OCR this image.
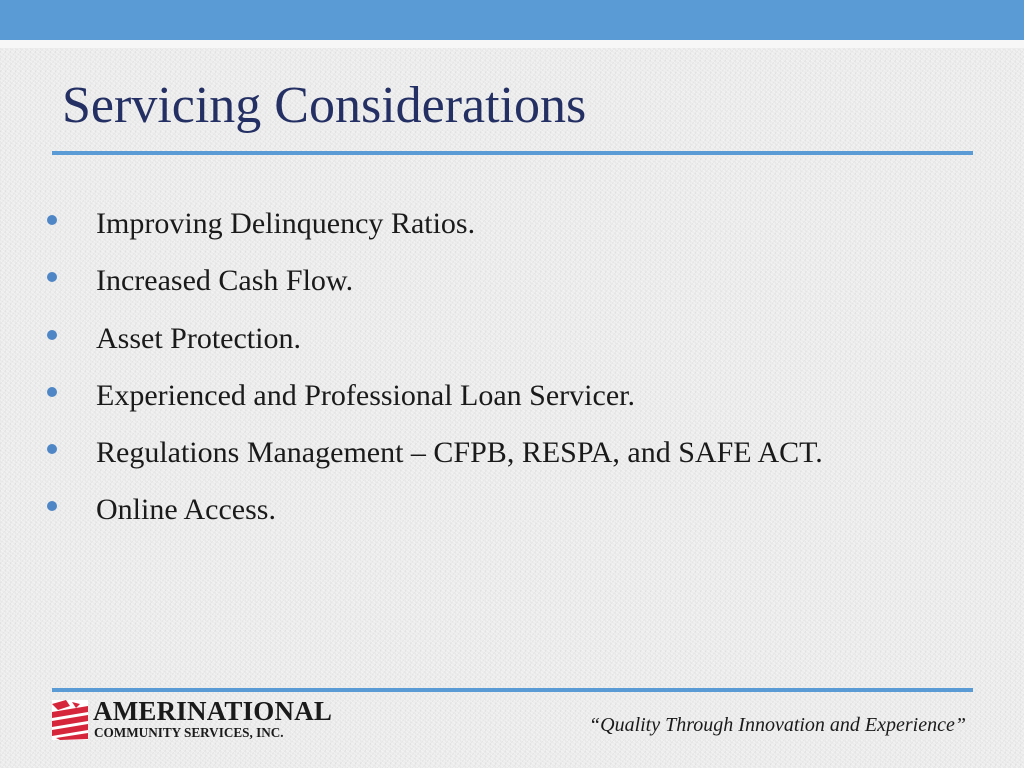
Servicing Considerations
Improving Delinquency Ratios.
Increased Cash Flow.
Asset Protection.
Experienced and Professional Loan Servicer.
Regulations Management – CFPB, RESPA, and SAFE ACT.
Online Access.
AMERINATIONAL
COMMUNITY SERVICES, INC.	“Quality Through Innovation and Experience”
